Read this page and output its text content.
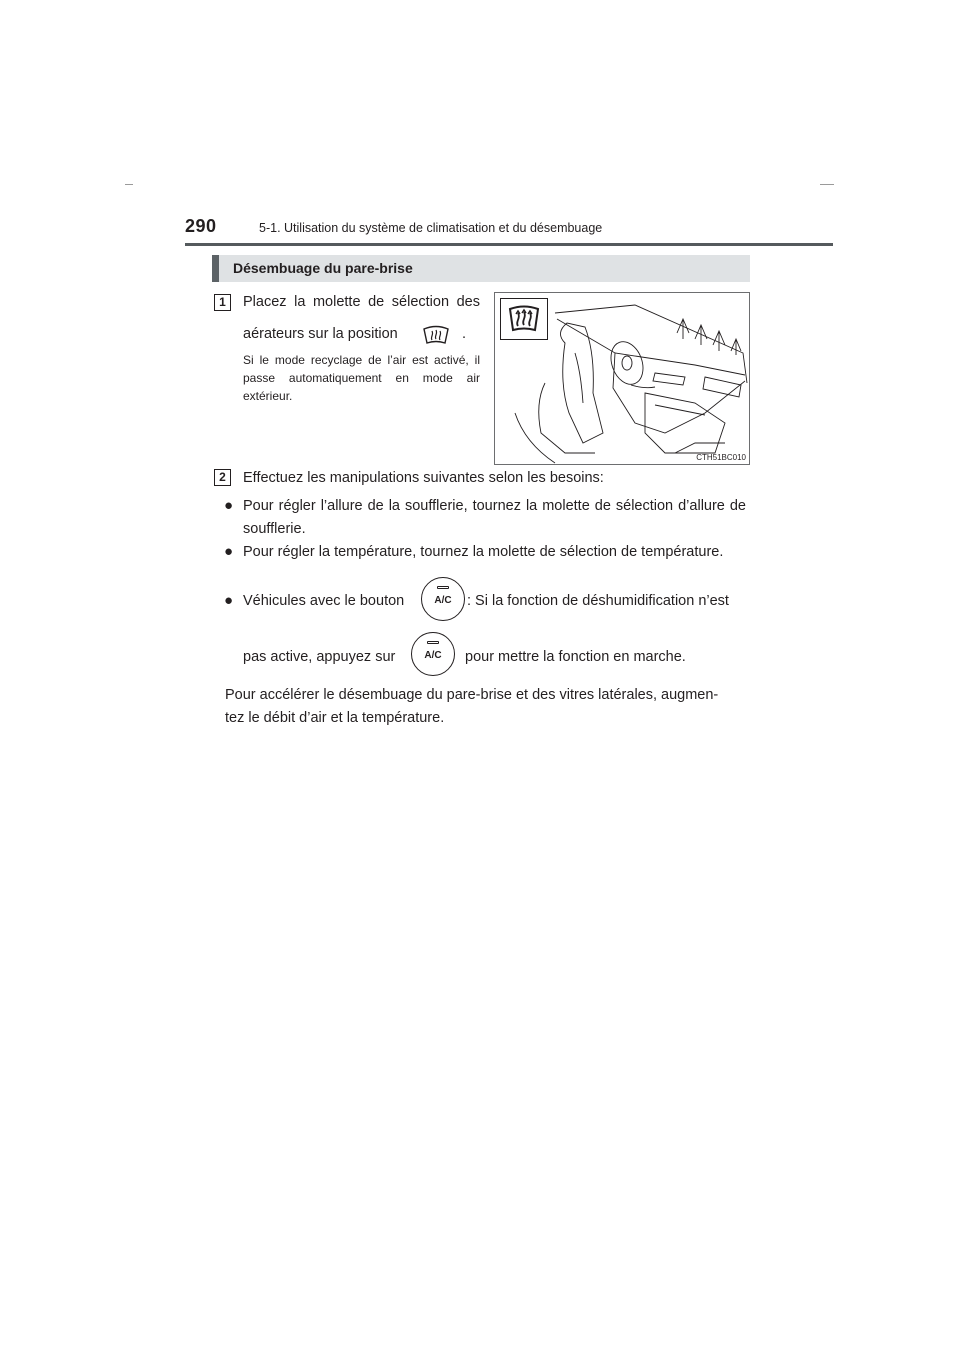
290	5-1. Utilisation du système de climatisation et du désembuage
Désembuage du pare-brise
1	Placez la molette de sélection des
aérateurs sur la position	.
Si le mode recyclage de l’air est activé, il passe automatiquement en mode air extérieur.
CTH51BC010
2	Effectuez les manipulations suivantes selon les besoins:
● Pour régler l’allure de la soufflerie, tournez la molette de sélection d’allure de soufflerie.
● Pour régler la température, tournez la molette de sélection de température.
● Véhicules avec le bouton	A/C	: Si la fonction de déshumidification n’est
pas active, appuyez sur	A/C	pour mettre la fonction en marche.
Pour accélérer le désembuage du pare-brise et des vitres latérales, augmen-
tez le débit d’air et la température.
